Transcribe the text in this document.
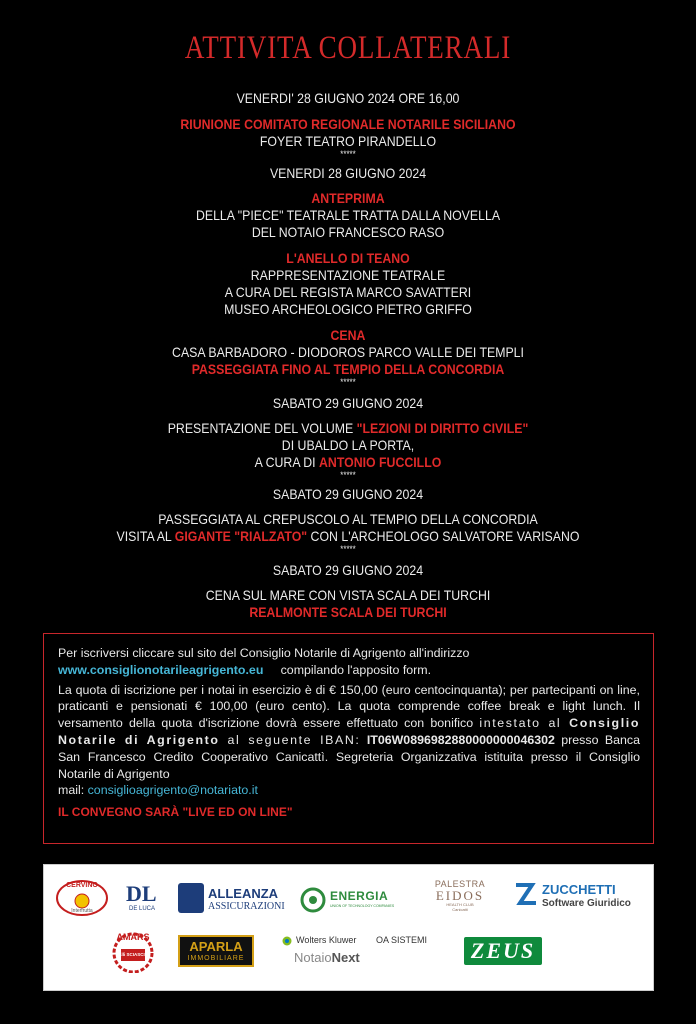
ATTIVITA COLLATERALI
VENERDI' 28 GIUGNO 2024 ORE 16,00
RIUNIONE COMITATO REGIONALE NOTARILE SICILIANO
FOYER TEATRO PIRANDELLO
*****
VENERDI 28 GIUGNO 2024
ANTEPRIMA
DELLA "PIECE" TEATRALE TRATTA DALLA NOVELLA
DEL NOTAIO FRANCESCO RASO
L'ANELLO DI TEANO
RAPPRESENTAZIONE TEATRALE
A CURA DEL REGISTA MARCO SAVATTERI
MUSEO ARCHEOLOGICO PIETRO GRIFFO
CENA
CASA BARBADORO - DIODOROS PARCO VALLE DEI TEMPLI
PASSEGGIATA FINO AL TEMPIO DELLA CONCORDIA
*****
SABATO 29 GIUGNO 2024
PRESENTAZIONE DEL VOLUME "LEZIONI DI DIRITTO CIVILE"
DI UBALDO LA PORTA,
A CURA DI ANTONIO FUCCILLO
*****
SABATO 29 GIUGNO 2024
PASSEGGIATA AL CREPUSCOLO AL TEMPIO DELLA CONCORDIA
VISITA AL GIGANTE "RIALZATO" CON L'ARCHEOLOGO SALVATORE VARISANO
*****
SABATO 29 GIUGNO 2024
CENA SUL MARE CON VISTA SCALA DEI TURCHI
REALMONTE SCALA DEI TURCHI

Per iscriversi cliccare sul sito del Consiglio Notarile di Agrigento all'indirizzo
www.consiglionotarileagrigento.eu compilando l'apposito form.

La quota di iscrizione per i notai in esercizio è di € 150,00 (euro centocinquanta); per partecipanti on line, praticanti e pensionati € 100,00 (euro cento). La quota comprende coffee break e light lunch. Il versamento della quota d'iscrizione dovrà essere effettuato con bonifico intestato al Consiglio Notarile di Agrigento al seguente IBAN: IT06W0896982880000000046302 presso Banca San Francesco Credito Cooperativo Canicattì. Segreteria Organizzativa istituita presso il Consiglio Notarile di Agrigento

mail: consiglioagrigento@notariato.it

IL CONVEGNO SARÀ "LIVE ED ON LINE"

CERVINO
Interfrutta
DL
DE LUCA
ALLEANZA
ASSICURAZIONI
ENERGIA
UNION OF TECHNOLOGY COMPANIES
PALESTRA
EIDOS
HEALTH CLUB
Canicatti
ZUCCHETTI
Software Giuridico
AMARS
F.lli SCIASCIA
APARLA
IMMOBILIARE
Wolters Kluwer OA SISTEMI
NotaioNext	ZEUS
